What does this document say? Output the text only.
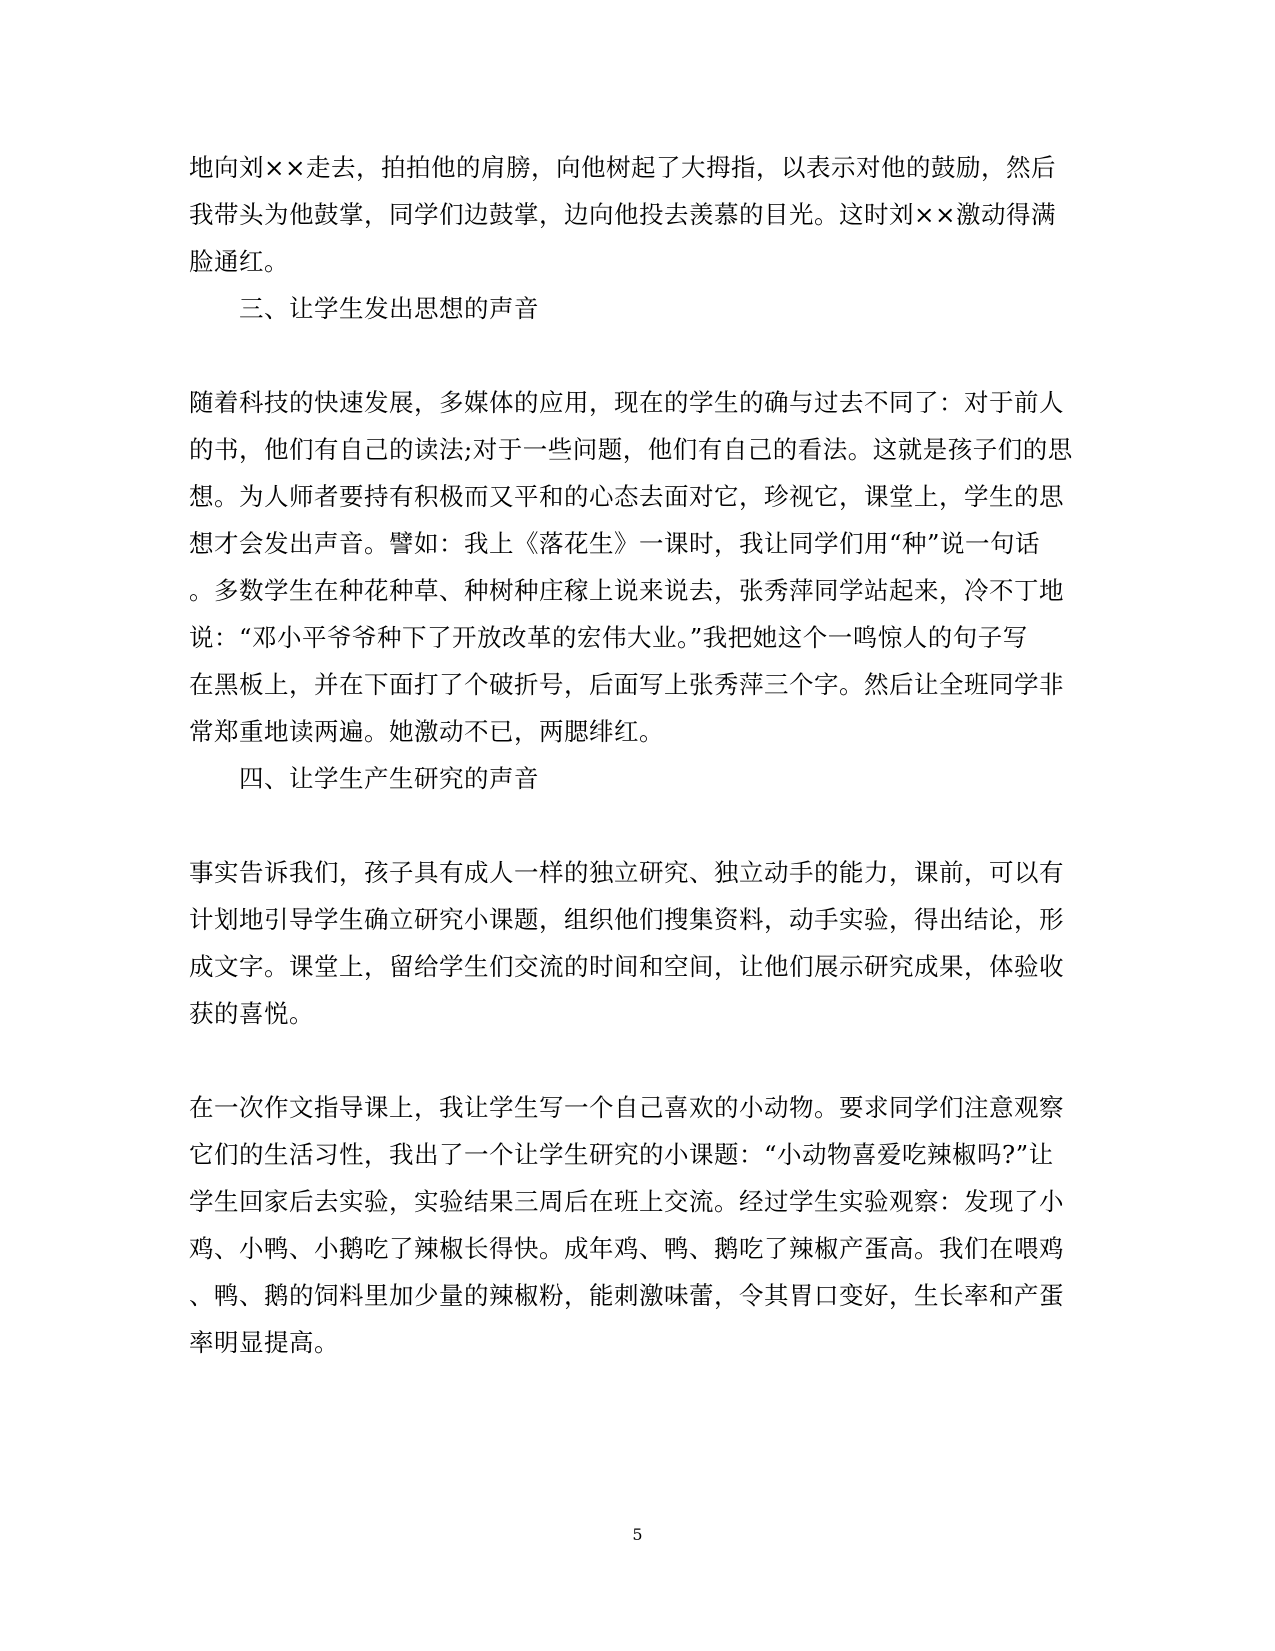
地向刘××走去，拍拍他的肩膀，向他树起了大拇指，以表示对他的鼓励，然后
我带头为他鼓掌，同学们边鼓掌，边向他投去羡慕的目光。这时刘××激动得满
脸通红。
三、让学生发出思想的声音
随着科技的快速发展，多媒体的应用，现在的学生的确与过去不同了：对于前人
的书，他们有自己的读法;对于一些问题，他们有自己的看法。这就是孩子们的思
想。为人师者要持有积极而又平和的心态去面对它，珍视它，课堂上，学生的思
想才会发出声音。譬如：我上《落花生》一课时，我让同学们用“种”说一句话
。多数学生在种花种草、种树种庄稼上说来说去，张秀萍同学站起来，冷不丁地
说：“邓小平爷爷种下了开放改革的宏伟大业。”我把她这个一鸣惊人的句子写
在黑板上，并在下面打了个破折号，后面写上张秀萍三个字。然后让全班同学非
常郑重地读两遍。她激动不已，两腮绯红。
四、让学生产生研究的声音
事实告诉我们，孩子具有成人一样的独立研究、独立动手的能力，课前，可以有
计划地引导学生确立研究小课题，组织他们搜集资料，动手实验，得出结论，形
成文字。课堂上，留给学生们交流的时间和空间，让他们展示研究成果，体验收
获的喜悦。
在一次作文指导课上，我让学生写一个自己喜欢的小动物。要求同学们注意观察
它们的生活习性，我出了一个让学生研究的小课题：“小动物喜爱吃辣椒吗?”让
学生回家后去实验，实验结果三周后在班上交流。经过学生实验观察：发现了小
鸡、小鸭、小鹅吃了辣椒长得快。成年鸡、鸭、鹅吃了辣椒产蛋高。我们在喂鸡
、鸭、鹅的饲料里加少量的辣椒粉，能刺激味蕾，令其胃口变好，生长率和产蛋
率明显提高。
5
